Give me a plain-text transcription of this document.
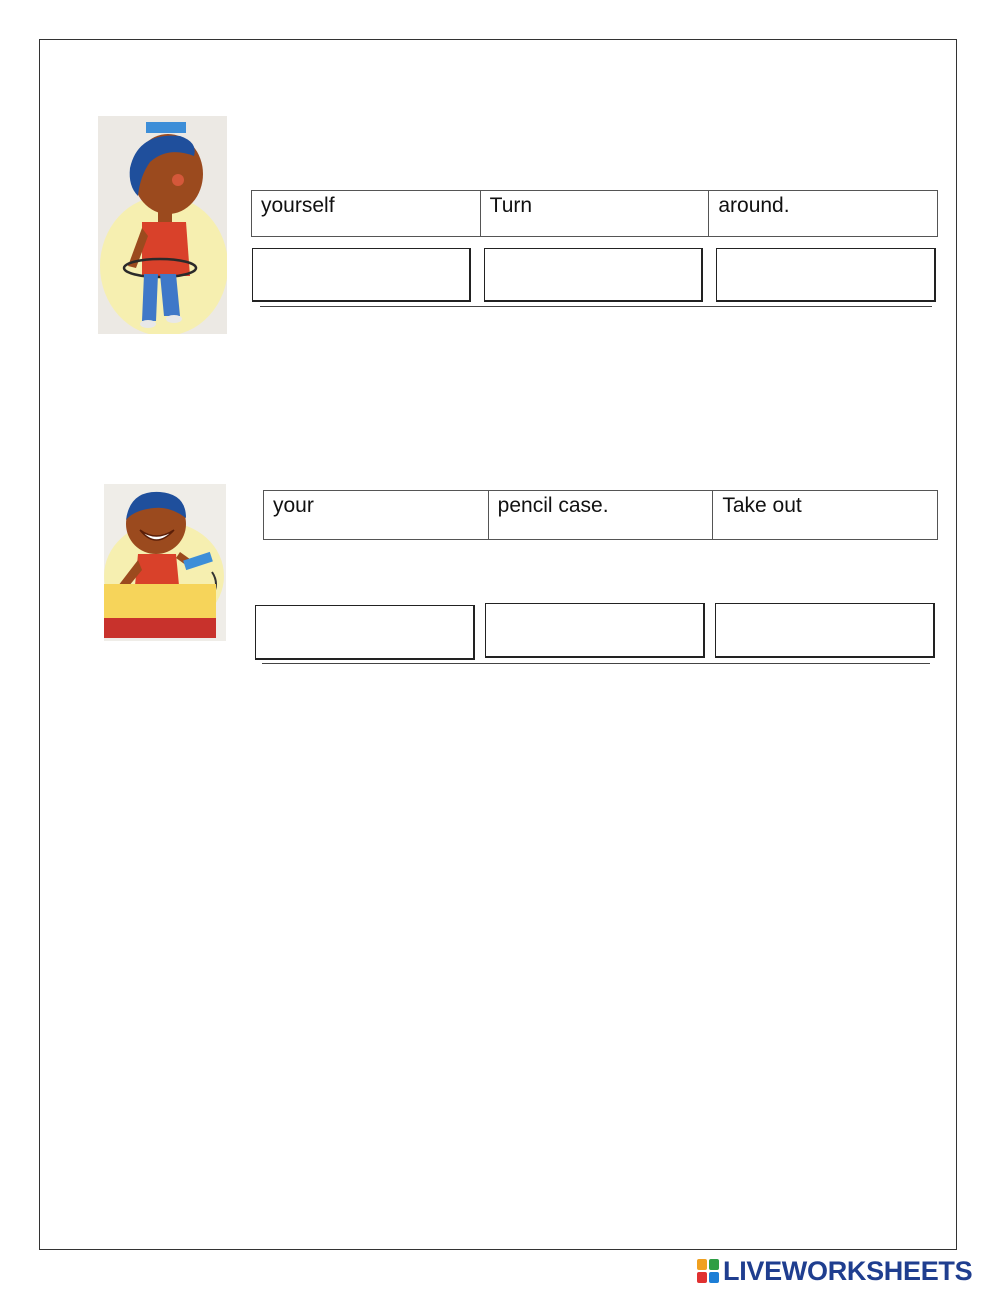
yourself	Turn	around.
your	pencil case.	Take out
LIVEWORKSHEETS
